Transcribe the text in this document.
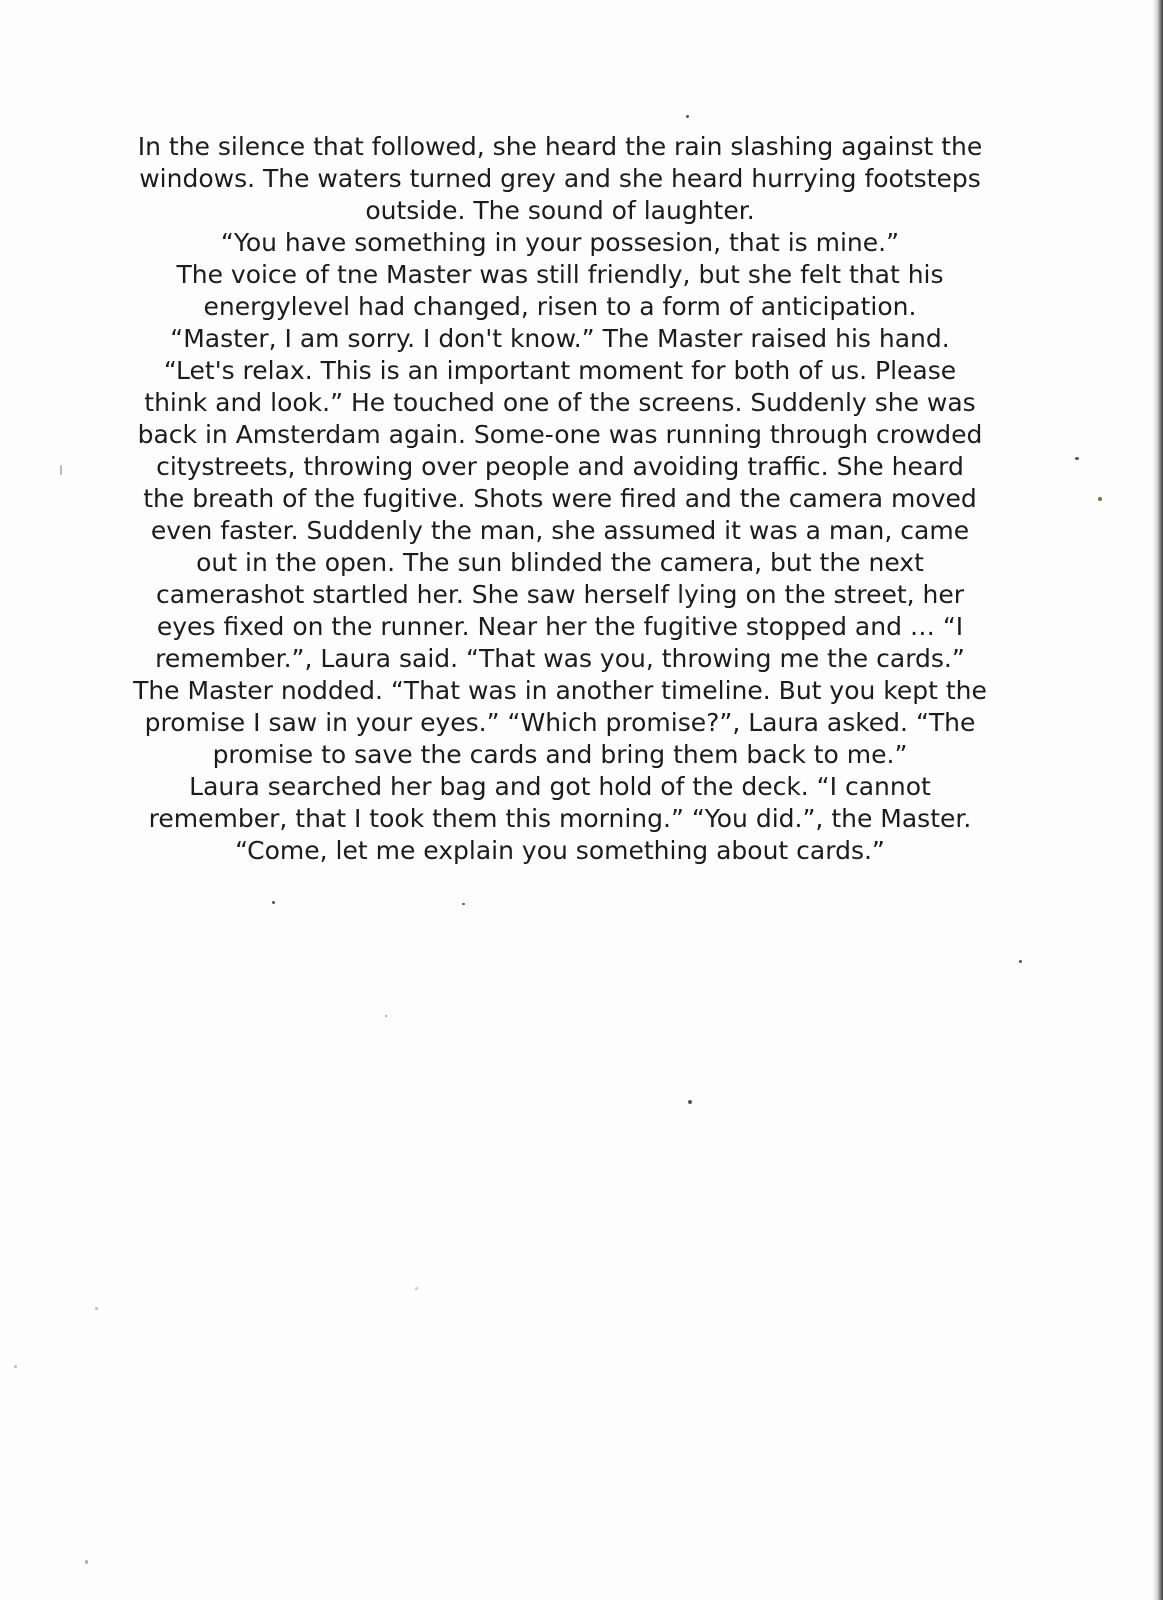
In the silence that followed, she heard the rain slashing against the
windows. The waters turned grey and she heard hurrying footsteps
outside. The sound of laughter.
“You have something in your possesion, that is mine.”
The voice of tne Master was still friendly, but she felt that his
energylevel had changed, risen to a form of anticipation.
“Master, I am sorry. I don't know.” The Master raised his hand.
“Let's relax. This is an important moment for both of us. Please
think and look.” He touched one of the screens. Suddenly she was
back in Amsterdam again. Some-one was running through crowded
citystreets, throwing over people and avoiding traffic. She heard
the breath of the fugitive. Shots were fired and the camera moved
even faster. Suddenly the man, she assumed it was a man, came
out in the open. The sun blinded the camera, but the next
camerashot startled her. She saw herself lying on the street, her
eyes fixed on the runner. Near her the fugitive stopped and … “I
remember.”, Laura said. “That was you, throwing me the cards.”
The Master nodded. “That was in another timeline. But you kept the
promise I saw in your eyes.” “Which promise?”, Laura asked. “The
promise to save the cards and bring them back to me.”
Laura searched her bag and got hold of the deck. “I cannot
remember, that I took them this morning.” “You did.”, the Master.
“Come, let me explain you something about cards.”
